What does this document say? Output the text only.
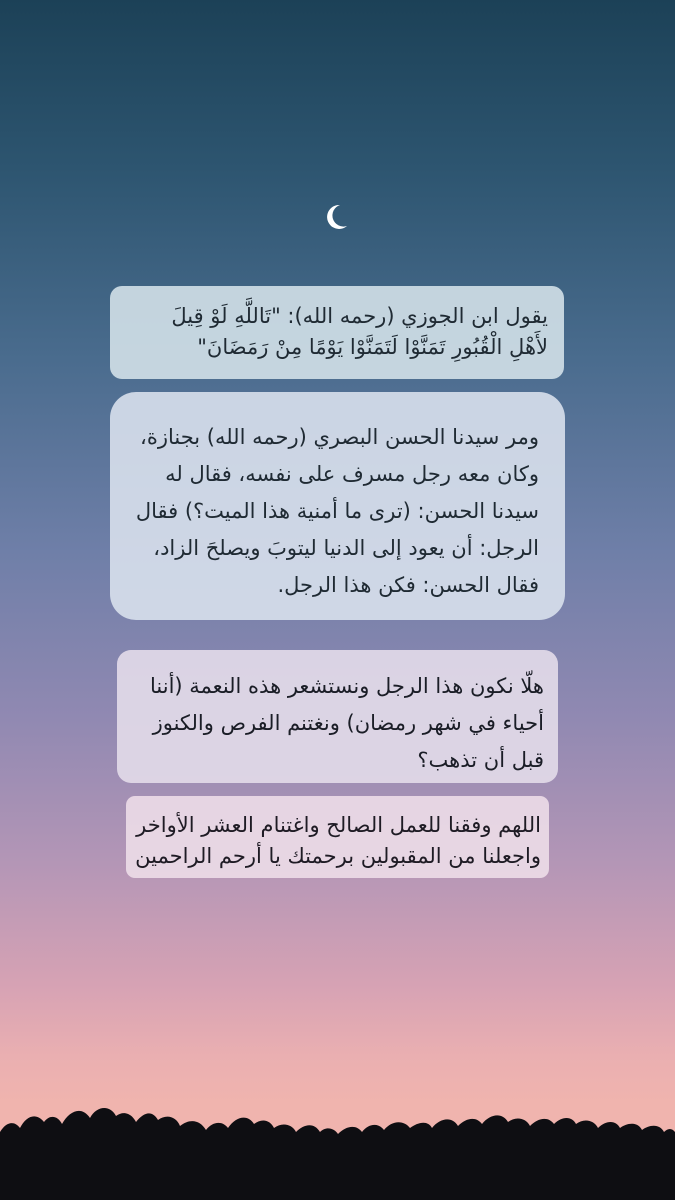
يقول ابن الجوزي (رحمه الله): "تَاللَّهِ لَوْ قِيلَ لأَهْلِ الْقُبُورِ تَمَنَّوْا لَتَمَنَّوْا يَوْمًا مِنْ رَمَضَانَ"

ومر سيدنا الحسن البصري (رحمه الله) بجنازة، وكان معه رجل مسرف على نفسه، فقال له سيدنا الحسن: (ترى ما أمنية هذا الميت؟) فقال الرجل: أن يعود إلى الدنيا ليتوبَ ويصلحَ الزاد، فقال الحسن: فكن هذا الرجل.

هلّا نكون هذا الرجل ونستشعر هذه النعمة (أننا أحياء في شهر رمضان) ونغتنم الفرص والكنوز قبل أن تذهب؟

اللهم وفقنا للعمل الصالح واغتنام العشر الأواخر واجعلنا من المقبولين برحمتك يا أرحم الراحمين
